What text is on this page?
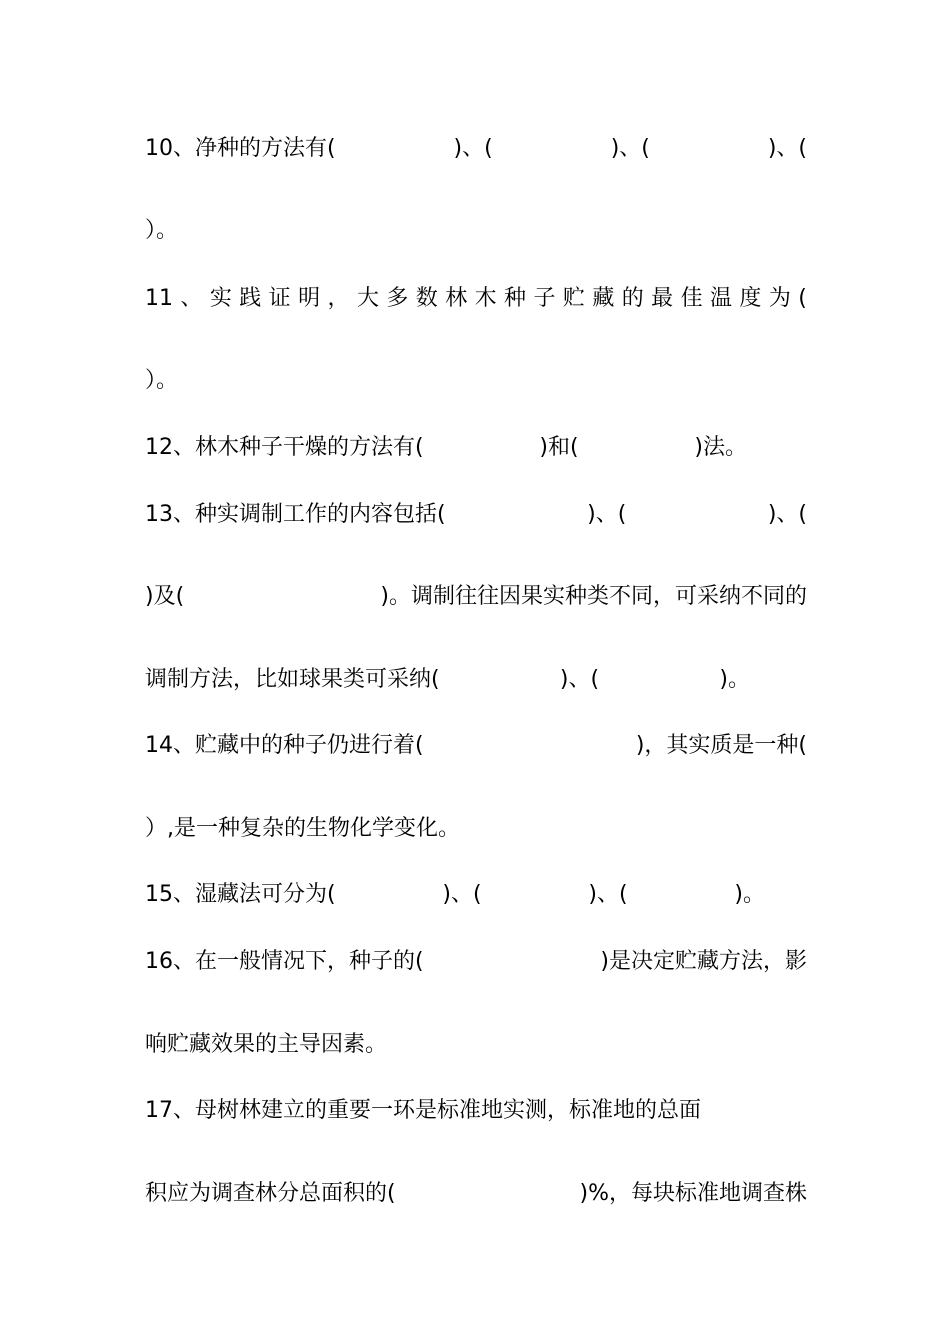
10、净种的方法有(	)、(	)、(	)、(
）。
11 、 实 践 证 明 ， 大 多 数 林 木 种 子 贮 藏 的 最 佳 温 度 为 (
）。
12、林木种子干燥的方法有(	)和(	)法。
13、种实调制工作的内容包括(	)、(	)、(
)及(	)。调制往往因果实种类不同，可采纳不同的
调制方法，比如球果类可采纳(	)、(	)。
14、贮藏中的种子仍进行着(	)，其实质是一种(
）,是一种复杂的生物化学变化。
15、湿藏法可分为(	)、(	)、(	)。
16、在一般情况下，种子的(	)是决定贮藏方法，影
响贮藏效果的主导因素。
17、母树林建立的重要一环是标准地实测，标准地的总面
积应为调查林分总面积的(	)%，每块标准地调查株
